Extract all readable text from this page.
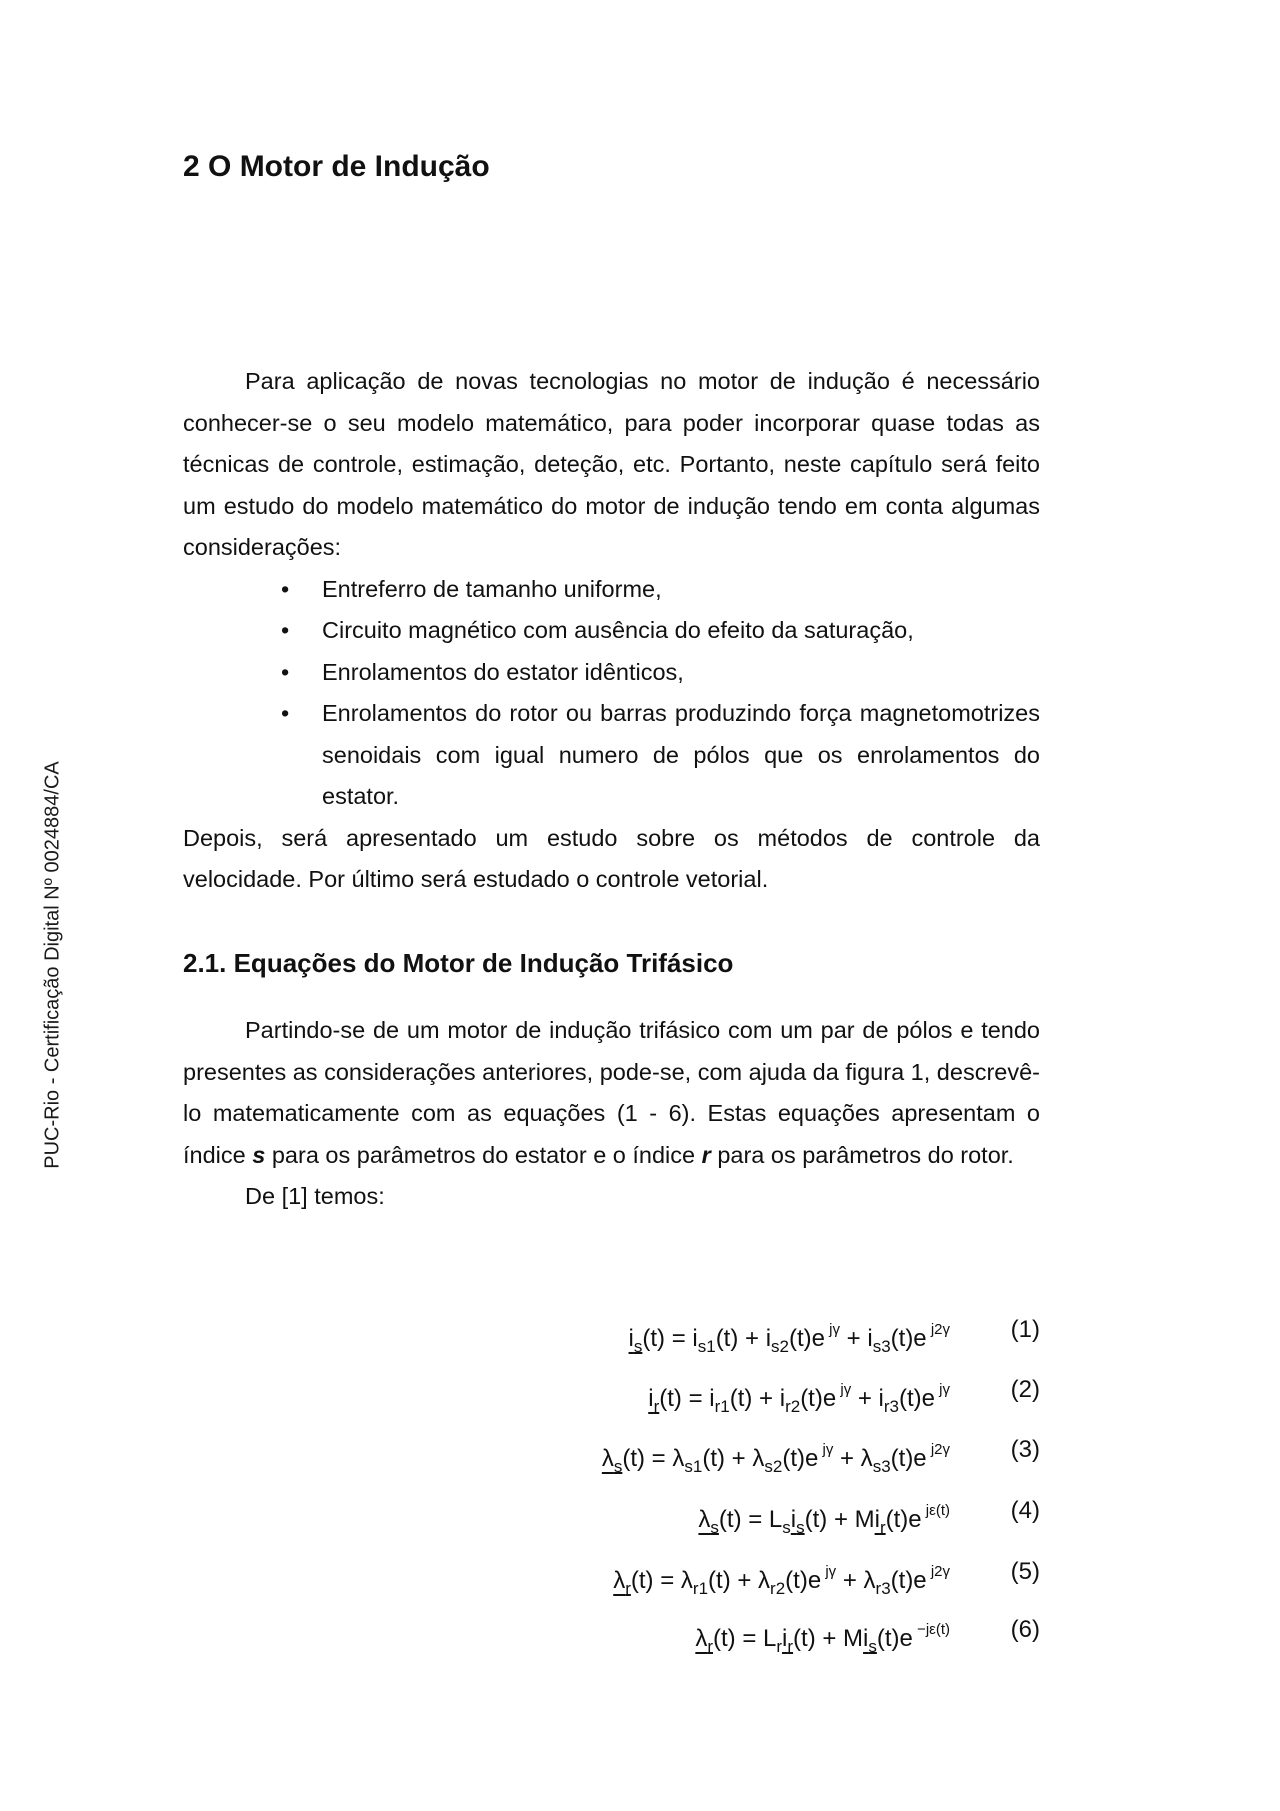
PUC-Rio - Certificação Digital Nº 0024884/CA
2 O Motor de Indução

Para aplicação de novas tecnologias no motor de indução é necessário conhecer-se o seu modelo matemático, para poder incorporar quase todas as técnicas de controle, estimação, deteção, etc. Portanto, neste capítulo será feito um estudo do modelo matemático do motor de indução tendo em conta algumas considerações:

• Entreferro de tamanho uniforme,
• Circuito magnético com ausência do efeito da saturação,
• Enrolamentos do estator idênticos,
• Enrolamentos do rotor ou barras produzindo força magnetomotrizes senoidais com igual numero de pólos que os enrolamentos do estator.

Depois, será apresentado um estudo sobre os métodos de controle da velocidade. Por último será estudado o controle vetorial.

2.1. Equações do Motor de Indução Trifásico

Partindo-se de um motor de indução trifásico com um par de pólos e tendo presentes as considerações anteriores, pode-se, com ajuda da figura 1, descrevê-lo matematicamente com as equações (1 - 6). Estas equações apresentam o índice s para os parâmetros do estator e o índice r para os parâmetros do rotor.

De [1] temos:

$i_s(t) = i_{s1}(t) + i_{s2}(t)e$ $^{j\gamma} + i_{s3}(t)e$ $^{j2\gamma}$	(1)
$i_r(t) = i_{r1}(t) + i_{r2}(t)e$ $^{j\gamma} + i_{r3}(t)e$ $^{j\gamma}$	(2)
$\lambda_s(t) = \lambda_{s1}(t) + \lambda_{s2}(t)e$ $^{j\gamma} + \lambda_{s3}(t)e$ $^{j2\gamma}$	(3)
$\lambda_s(t) = L_si_s(t) + Mi_r(t)e$ $^{j\varepsilon(t)}$	(4)
$\lambda_r(t) = \lambda_{r1}(t) + \lambda_{r2}(t)e$ $^{j\gamma} + \lambda_{r3}(t)e$ $^{j2\gamma}$	(5)
$\lambda_r(t) = L_ri_r(t) + Mi_s(t)e$ $^{-j\varepsilon(t)}$	(6)
